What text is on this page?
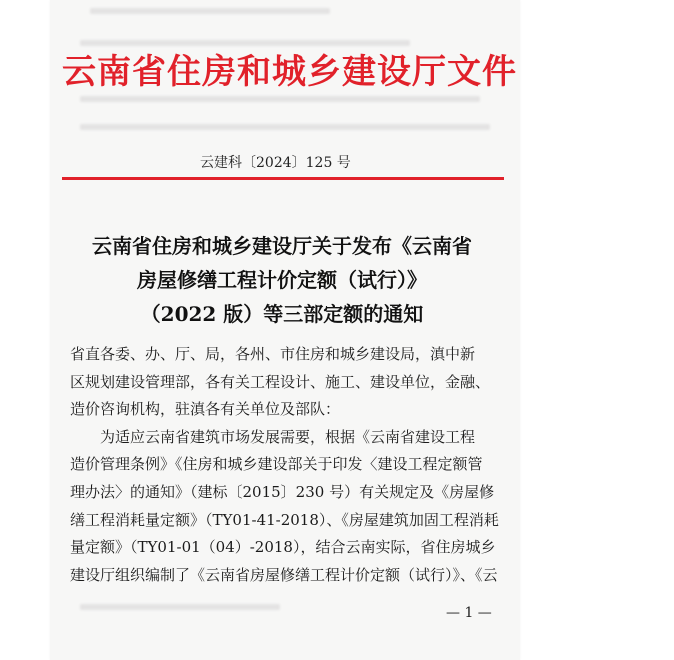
云南省住房和城乡建设厅文件
云建科〔2024〕125 号
云南省住房和城乡建设厅关于发布《云南省
房屋修缮工程计价定额（试行）》
（2022 版）等三部定额的通知
省直各委、办、厅、局，各州、市住房和城乡建设局，滇中新
区规划建设管理部，各有关工程设计、施工、建设单位，金融、
造价咨询机构，驻滇各有关单位及部队：
　　为适应云南省建筑市场发展需要，根据《云南省建设工程
造价管理条例》《住房和城乡建设部关于印发〈建设工程定额管
理办法〉的通知》（建标〔2015〕230 号）有关规定及《房屋修
缮工程消耗量定额》（TY01-41-2018）、《房屋建筑加固工程消耗
量定额》（TY01-01（04）-2018），结合云南实际，省住房城乡
建设厅组织编制了《云南省房屋修缮工程计价定额（试行）》、《云
— 1 —
